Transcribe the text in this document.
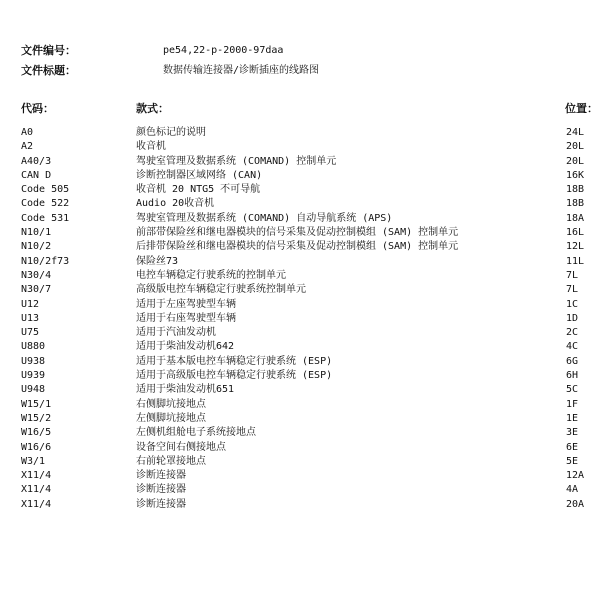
文件编号：	pe54,22-p-2000-97daa
文件标题：	数据传输连接器/诊断插座的线路图
代码：	款式：	位置：
A0	颜色标记的说明	24L
A2	收音机	20L
A40/3	驾驶室管理及数据系统 (COMAND) 控制单元	20L
CAN D	诊断控制器区域网络 (CAN)	16K
Code 505	收音机 20 NTG5 不可导航	18B
Code 522	Audio 20收音机	18B
Code 531	驾驶室管理及数据系统 (COMAND) 自动导航系统 (APS)	18A
N10/1	前部带保险丝和继电器模块的信号采集及促动控制模组 (SAM) 控制单元	16L
N10/2	后排带保险丝和继电器模块的信号采集及促动控制模组 (SAM) 控制单元	12L
N10/2f73	保险丝73	11L
N30/4	电控车辆稳定行驶系统的控制单元	7L
N30/7	高级版电控车辆稳定行驶系统控制单元	7L
U12	适用于左座驾驶型车辆	1C
U13	适用于右座驾驶型车辆	1D
U75	适用于汽油发动机	2C
U880	适用于柴油发动机642	4C
U938	适用于基本版电控车辆稳定行驶系统 (ESP)	6G
U939	适用于高级版电控车辆稳定行驶系统 (ESP)	6H
U948	适用于柴油发动机651	5C
W15/1	右侧脚坑接地点	1F
W15/2	左侧脚坑接地点	1E
W16/5	左侧机组舱电子系统接地点	3E
W16/6	设备空间右侧接地点	6E
W3/1	右前轮罩接地点	5E
X11/4	诊断连接器	12A
X11/4	诊断连接器	4A
X11/4	诊断连接器	20A
